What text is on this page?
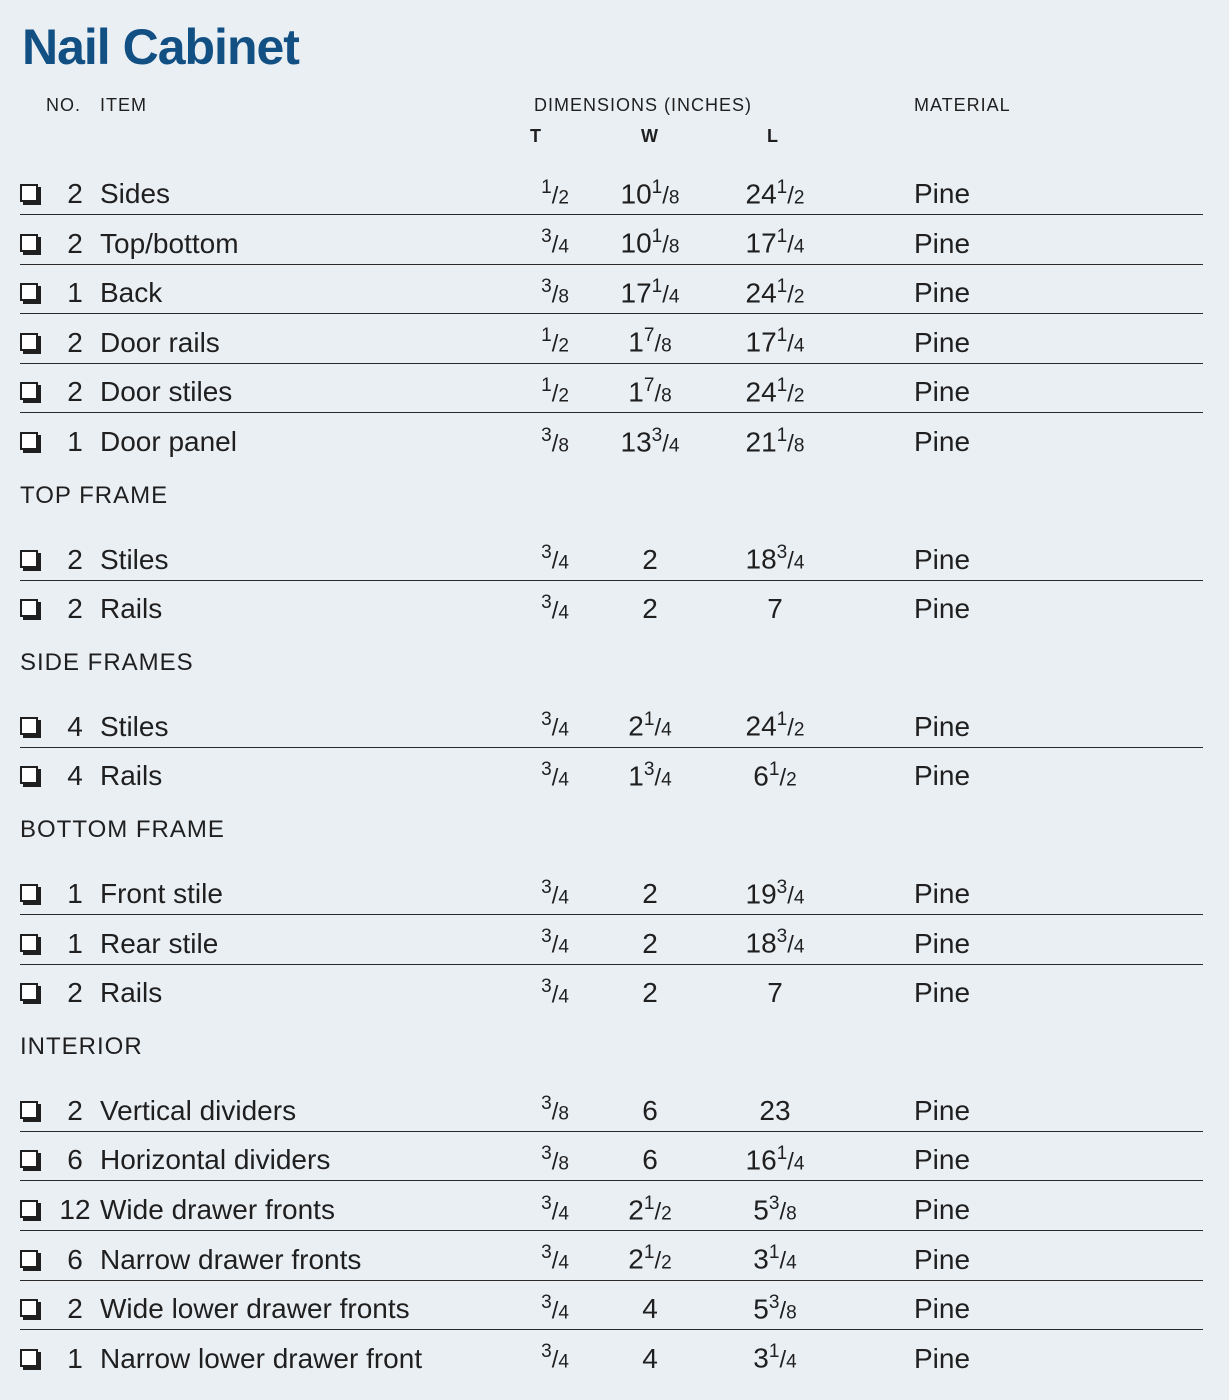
Nail Cabinet
NO. ITEM	DIMENSIONS (INCHES)	MATERIAL
T	W	L
2 Sides	$^1$/2	$10^1/8$	$24^1/2$	Pine
2 Top/bottom	$^3$/4	$10^1/8$	$17^1/4$	Pine
1 Back	$^3$/8	$17^1/4$	$24^1/2$	Pine
2 Door rails	$^1$/2	$1^7/8$	$17^1/4$	Pine
2 Door stiles	$^1$/2	$1^7/8$	$24^1/2$	Pine
1 Door panel	$^3$/8	$13^3/4$	$21^1/8$	Pine
TOP FRAME
2 Stiles	$^3$/4	2	$18^3/4$	Pine
2 Rails	$^3$/4	2	7	Pine
SIDE FRAMES
4 Stiles	$^3$/4	$2^1/4$	$24^1/2$	Pine
4 Rails	$^3$/4	$1^3/4$	$6^1/2$	Pine
BOTTOM FRAME
1 Front stile	$^3$/4	2	$19^3/4$	Pine
1 Rear stile	$^3$/4	2	$18^3/4$	Pine
2 Rails	$^3$/4	2	7	Pine
INTERIOR
2 Vertical dividers	$^3$/8	6	23	Pine
6 Horizontal dividers	$^3$/8	6	$16^1/4$	Pine
12 Wide drawer fronts	$^3$/4	$2^1/2$	$5^3/8$	Pine
6 Narrow drawer fronts	$^3$/4	$2^1/2$	$3^1/4$	Pine
2 Wide lower drawer fronts	$^3$/4	4	$5^3/8$	Pine
1 Narrow lower drawer front	$^3$/4	4	$3^1/4$	Pine
